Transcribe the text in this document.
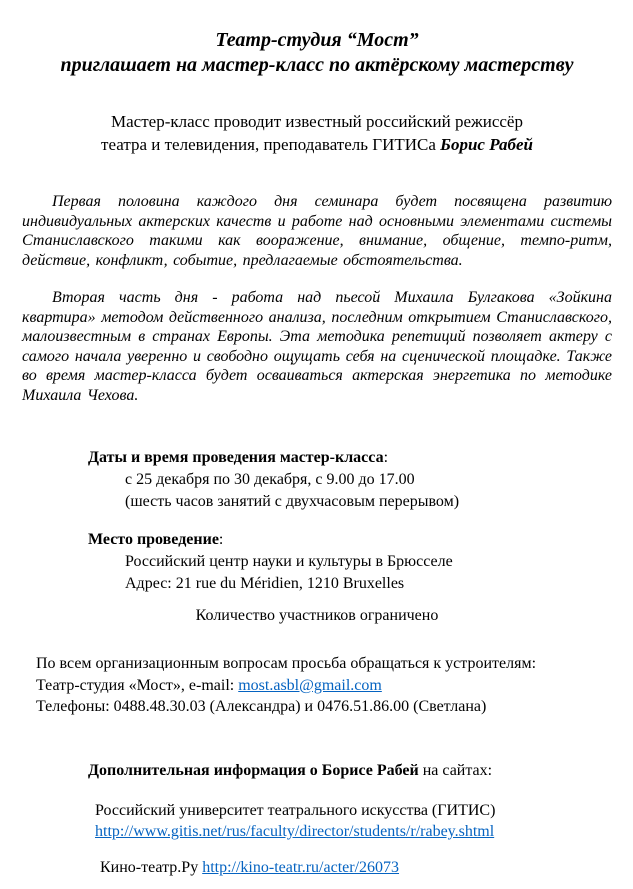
Театр-студия “Мост”
приглашает на мастер-класс по актёрскому мастерству

Мастер-класс проводит известный российский режиссёр
театра и телевидения, преподаватель ГИТИСа Борис Рабей

Первая половина каждого дня семинара будет посвящена развитию индивидуальных актерских качеств и работе над основными элементами системы Станиславского такими как вооражение, внимание, общение, темпо-ритм, действие, конфликт, событие, предлагаемые обстоятельства.

Вторая часть дня - работа над пьесой Михаила Булгакова «Зойкина квартира» методом действенного анализа, последним открытием Станиславского, малоизвестным в странах Европы. Эта методика репетиций позволяет актеру с самого начала уверенно и свободно ощущать себя на сценической площадке. Также во время мастер-класса будет осваиваться актерская энергетика по методике Михаила Чехова.

Даты и время проведения мастер-класса:
с 25 декабря по 30 декабря, с 9.00 до 17.00
(шесть часов занятий с двухчасовым перерывом)
Место проведение:
Российский центр науки и культуры в Брюсселе
Адрес: 21 rue du Méridien, 1210 Bruxelles
Количество участников ограничено
По всем организационным вопросам просьба обращаться к устроителям:
Театр-студия «Мост», e-mail: most.asbl@gmail.com
Телефоны: 0488.48.30.03 (Александра) и 0476.51.86.00 (Светлана)
Дополнительная информация о Борисе Рабей на сайтах:
Российский университет театрального искусства (ГИТИС)
http://www.gitis.net/rus/faculty/director/students/r/rabey.shtml
Кино-театр.Ру http://kino-teatr.ru/acter/26073
